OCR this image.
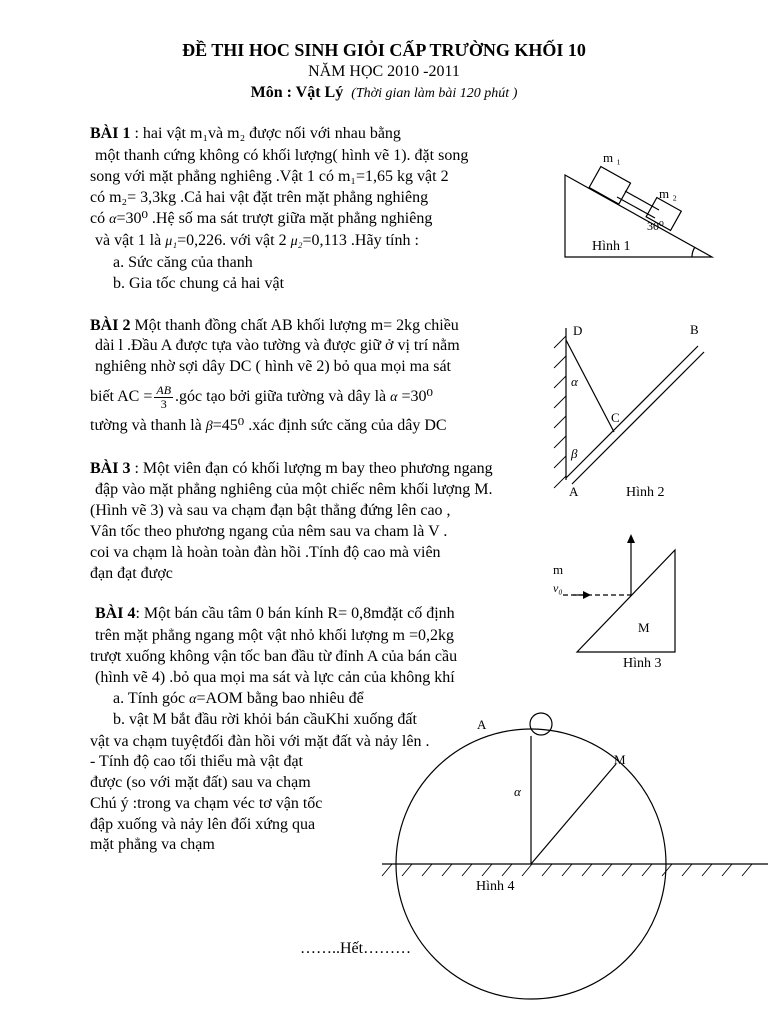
ĐỀ THI HOC SINH GIỎI CẤP TRƯỜNG KHỐI 10
NĂM HỌC 2010 -2011
Môn : Vật Lý (Thời gian làm bài 120 phút )
BÀI 1 : hai vật m₁và m₂ được nối với nhau bằng
một thanh cứng không có khối lượng( hình vẽ 1). đặt song
song với mặt phẳng nghiêng .Vật 1 có m₁=1,65 kg vật 2
có m₂= 3,3kg .Cả hai vật đặt trên mặt phẳng nghiêng
có α=30⁰ .Hệ số ma sát trượt giữa mặt phẳng nghiêng
và vật 1 là μ₁=0,226. với vật 2 μ₂=0,113 .Hãy tính :
a. Sức căng của thanh
b. Gia tốc chung cả hai vật
BÀI 2 Một thanh đồng chất AB khối lượng m= 2kg chiều
dài l .Đầu A được tựa vào tường và được giữ ở vị trí nằm
nghiêng nhờ sợi dây DC ( hình vẽ 2) bỏ qua mọi ma sát
biết AC = $\frac{AB}{3}$ .góc tạo bởi giữa tường và dây là α =30⁰
tường và thanh là β=45⁰ .xác định sức căng của dây DC
BÀI 3 : Một viên đạn có khối lượng m bay theo phương ngang
đập vào mặt phẳng nghiêng của một chiếc nêm khối lượng M.
(Hình vẽ 3) và sau va chạm đạn bật thẳng đứng lên cao ,
Vân tốc theo phương ngang của nêm sau va cham là V .
coi va chạm là hoàn toàn đàn hồi .Tính độ cao mà viên
đạn đạt được
BÀI 4: Một bán cầu tâm 0 bán kính R= 0,8mđặt cố định
trên mặt phẳng ngang một vật nhỏ khối lượng m =0,2kg
trượt xuống không vận tốc ban đầu từ đỉnh A của bán cầu
(hình vẽ 4) .bỏ qua mọi ma sát và lực cản của không khí
a. Tính góc α=AOM bằng bao nhiêu để
b. vật M bắt đầu rời khỏi bán cầuKhi xuống đất
vật va chạm tuyệtđối đàn hồi với mặt đất và nảy lên .
- Tính độ cao tối thiểu mà vật đạt
được (so với mặt đất) sau va chạm
Chú ý :trong va chạm véc tơ vận tốc
đập xuống và nảy lên đối xứng qua
mặt phẳng va chạm
m ₁
m ₂
30⁰
Hình 1
D	B
A
C
α
β
Hình 2
m
v₀
M
Hình 3
A
M
α
Hình 4
……..Hết………
